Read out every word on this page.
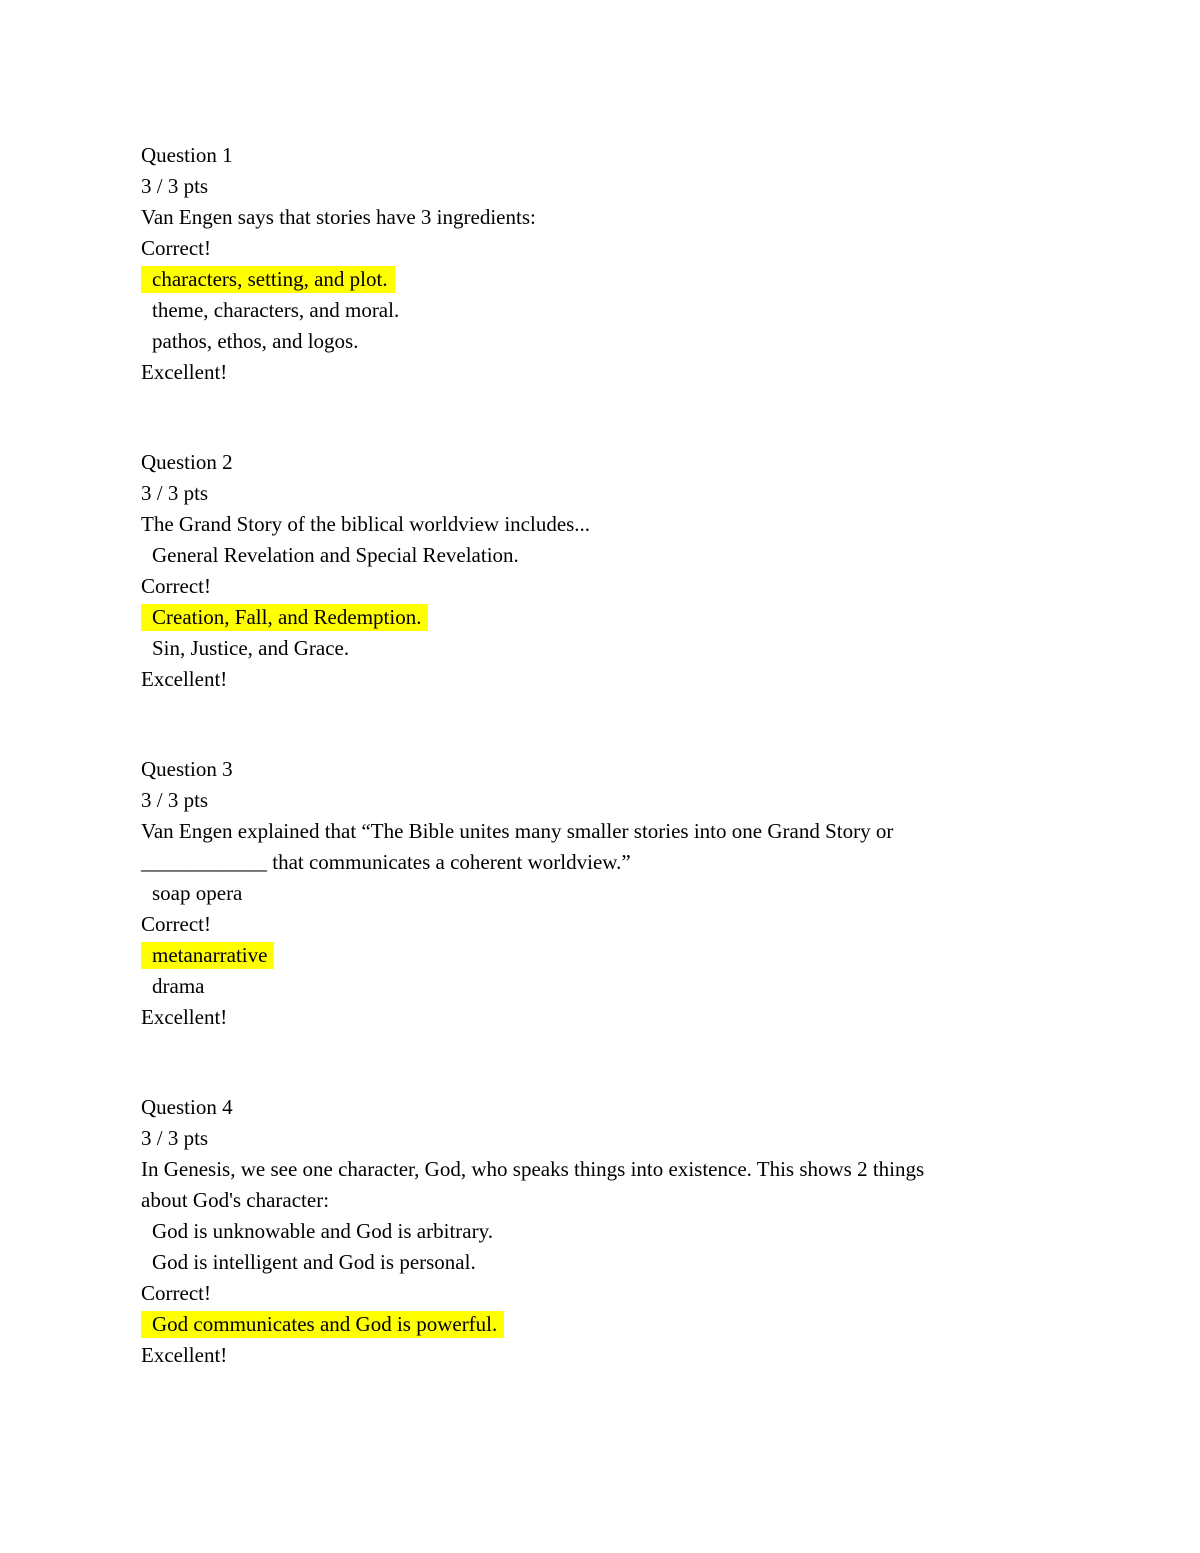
Question 1
3 / 3 pts
Van Engen says that stories have 3 ingredients:
Correct!
characters, setting, and plot.
theme, characters, and moral.
pathos, ethos, and logos.
Excellent!
Question 2
3 / 3 pts
The Grand Story of the biblical worldview includes...
General Revelation and Special Revelation.
Correct!
Creation, Fall, and Redemption.
Sin, Justice, and Grace.
Excellent!
Question 3
3 / 3 pts
Van Engen explained that “The Bible unites many smaller stories into one Grand Story or
____________ that communicates a coherent worldview.”
soap opera
Correct!
metanarrative
drama
Excellent!
Question 4
3 / 3 pts
In Genesis, we see one character, God, who speaks things into existence. This shows 2 things
about God's character:
God is unknowable and God is arbitrary.
God is intelligent and God is personal.
Correct!
God communicates and God is powerful.
Excellent!
